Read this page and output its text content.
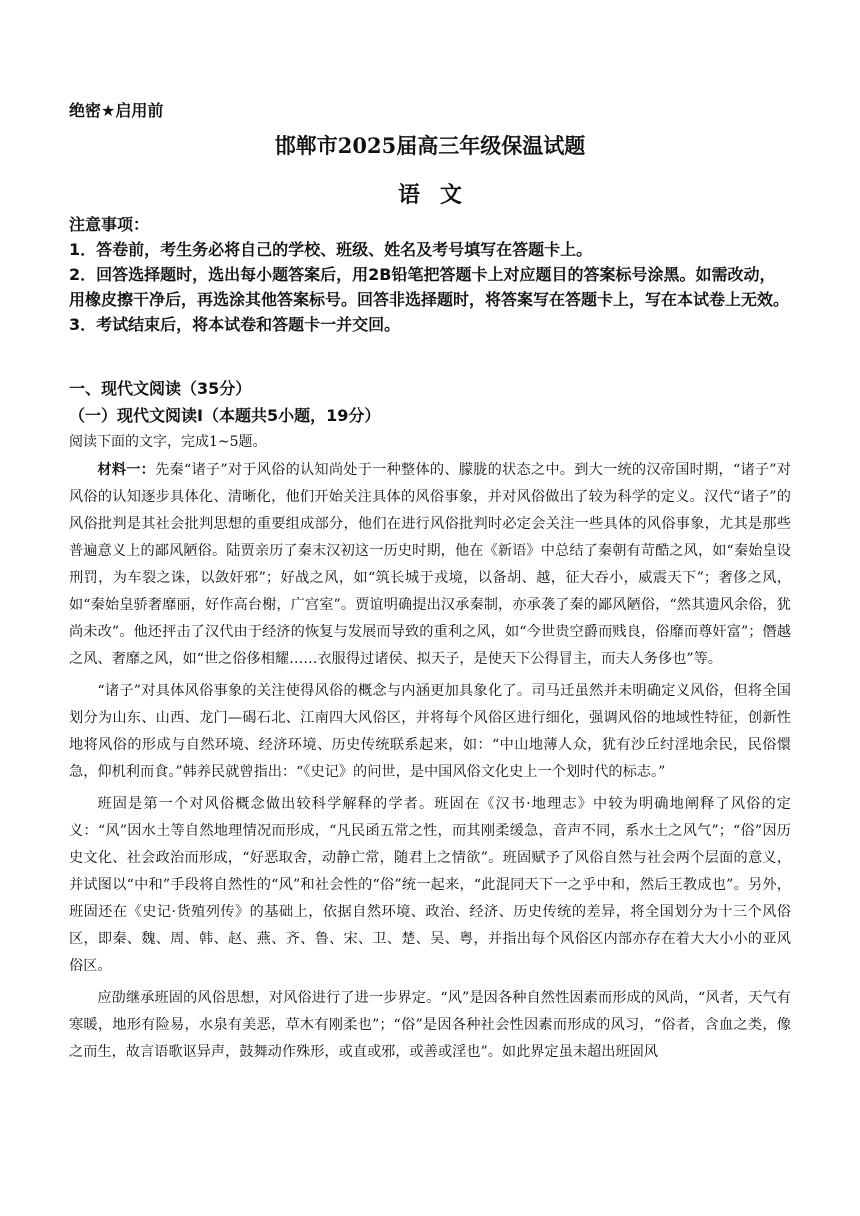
绝密★启用前
邯郸市2025届高三年级保温试题
语文

注意事项：

1．答卷前，考生务必将自己的学校、班级、姓名及考号填写在答题卡上。

2．回答选择题时，选出每小题答案后，用2B铅笔把答题卡上对应题目的答案标号涂黑。如需改动，用橡皮擦干净后，再选涂其他答案标号。回答非选择题时，将答案写在答题卡上，写在本试卷上无效。

3．考试结束后，将本试卷和答题卡一并交回。

一、现代文阅读（35分）
（一）现代文阅读Ⅰ（本题共5小题，19分）
阅读下面的文字，完成1~5题。

材料一：先秦“诸子”对于风俗的认知尚处于一种整体的、朦胧的状态之中。到大一统的汉帝国时期，“诸子”对风俗的认知逐步具体化、清晰化，他们开始关注具体的风俗事象，并对风俗做出了较为科学的定义。汉代“诸子”的风俗批判是其社会批判思想的重要组成部分，他们在进行风俗批判时必定会关注一些具体的风俗事象，尤其是那些普遍意义上的鄙风陋俗。陆贾亲历了秦末汉初这一历史时期，他在《新语》中总结了秦朝有苛酷之风，如“秦始皇设刑罚，为车裂之诛，以敛奸邪”；好战之风，如“筑长城于戎境，以备胡、越，征大吞小，威震天下”；奢侈之风，如“秦始皇骄奢靡丽，好作高台榭，广宫室”。贾谊明确提出汉承秦制，亦承袭了秦的鄙风陋俗，“然其遗风余俗，犹尚未改”。他还抨击了汉代由于经济的恢复与发展而导致的重利之风，如“今世贵空爵而贱良，俗靡而尊奸富”；僭越之风、奢靡之风，如“世之俗侈相耀……衣服得过诸侯、拟天子，是使天下公得冒主，而夫人务侈也”等。

“诸子”对具体风俗事象的关注使得风俗的概念与内涵更加具象化了。司马迁虽然并未明确定义风俗，但将全国划分为山东、山西、龙门—碣石北、江南四大风俗区，并将每个风俗区进行细化，强调风俗的地域性特征，创新性地将风俗的形成与自然环境、经济环境、历史传统联系起来，如：“中山地薄人众，犹有沙丘纣淫地余民，民俗懁急，仰机利而食。”韩养民就曾指出：“《史记》的问世，是中国风俗文化史上一个划时代的标志。”

班固是第一个对风俗概念做出较科学解释的学者。班固在《汉书·地理志》中较为明确地阐释了风俗的定义：“风”因水土等自然地理情况而形成，“凡民函五常之性，而其刚柔缓急，音声不同，系水土之风气”；“俗”因历史文化、社会政治而形成，“好恶取舍，动静亡常，随君上之情欲”。班固赋予了风俗自然与社会两个层面的意义，并试图以“中和”手段将自然性的“风”和社会性的“俗”统一起来，“此混同天下一之乎中和，然后王教成也”。另外，班固还在《史记·货殖列传》的基础上，依据自然环境、政治、经济、历史传统的差异，将全国划分为十三个风俗区，即秦、魏、周、韩、赵、燕、齐、鲁、宋、卫、楚、吴、粤，并指出每个风俗区内部亦存在着大大小小的亚风俗区。

应劭继承班固的风俗思想，对风俗进行了进一步界定。“风”是因各种自然性因素而形成的风尚，“风者，天气有寒暖，地形有险易，水泉有美恶，草木有刚柔也”；“俗”是因各种社会性因素而形成的风习，“俗者，含血之类，像之而生，故言语歌讴异声，鼓舞动作殊形，或直或邪，或善或淫也”。如此界定虽未超出班固风
